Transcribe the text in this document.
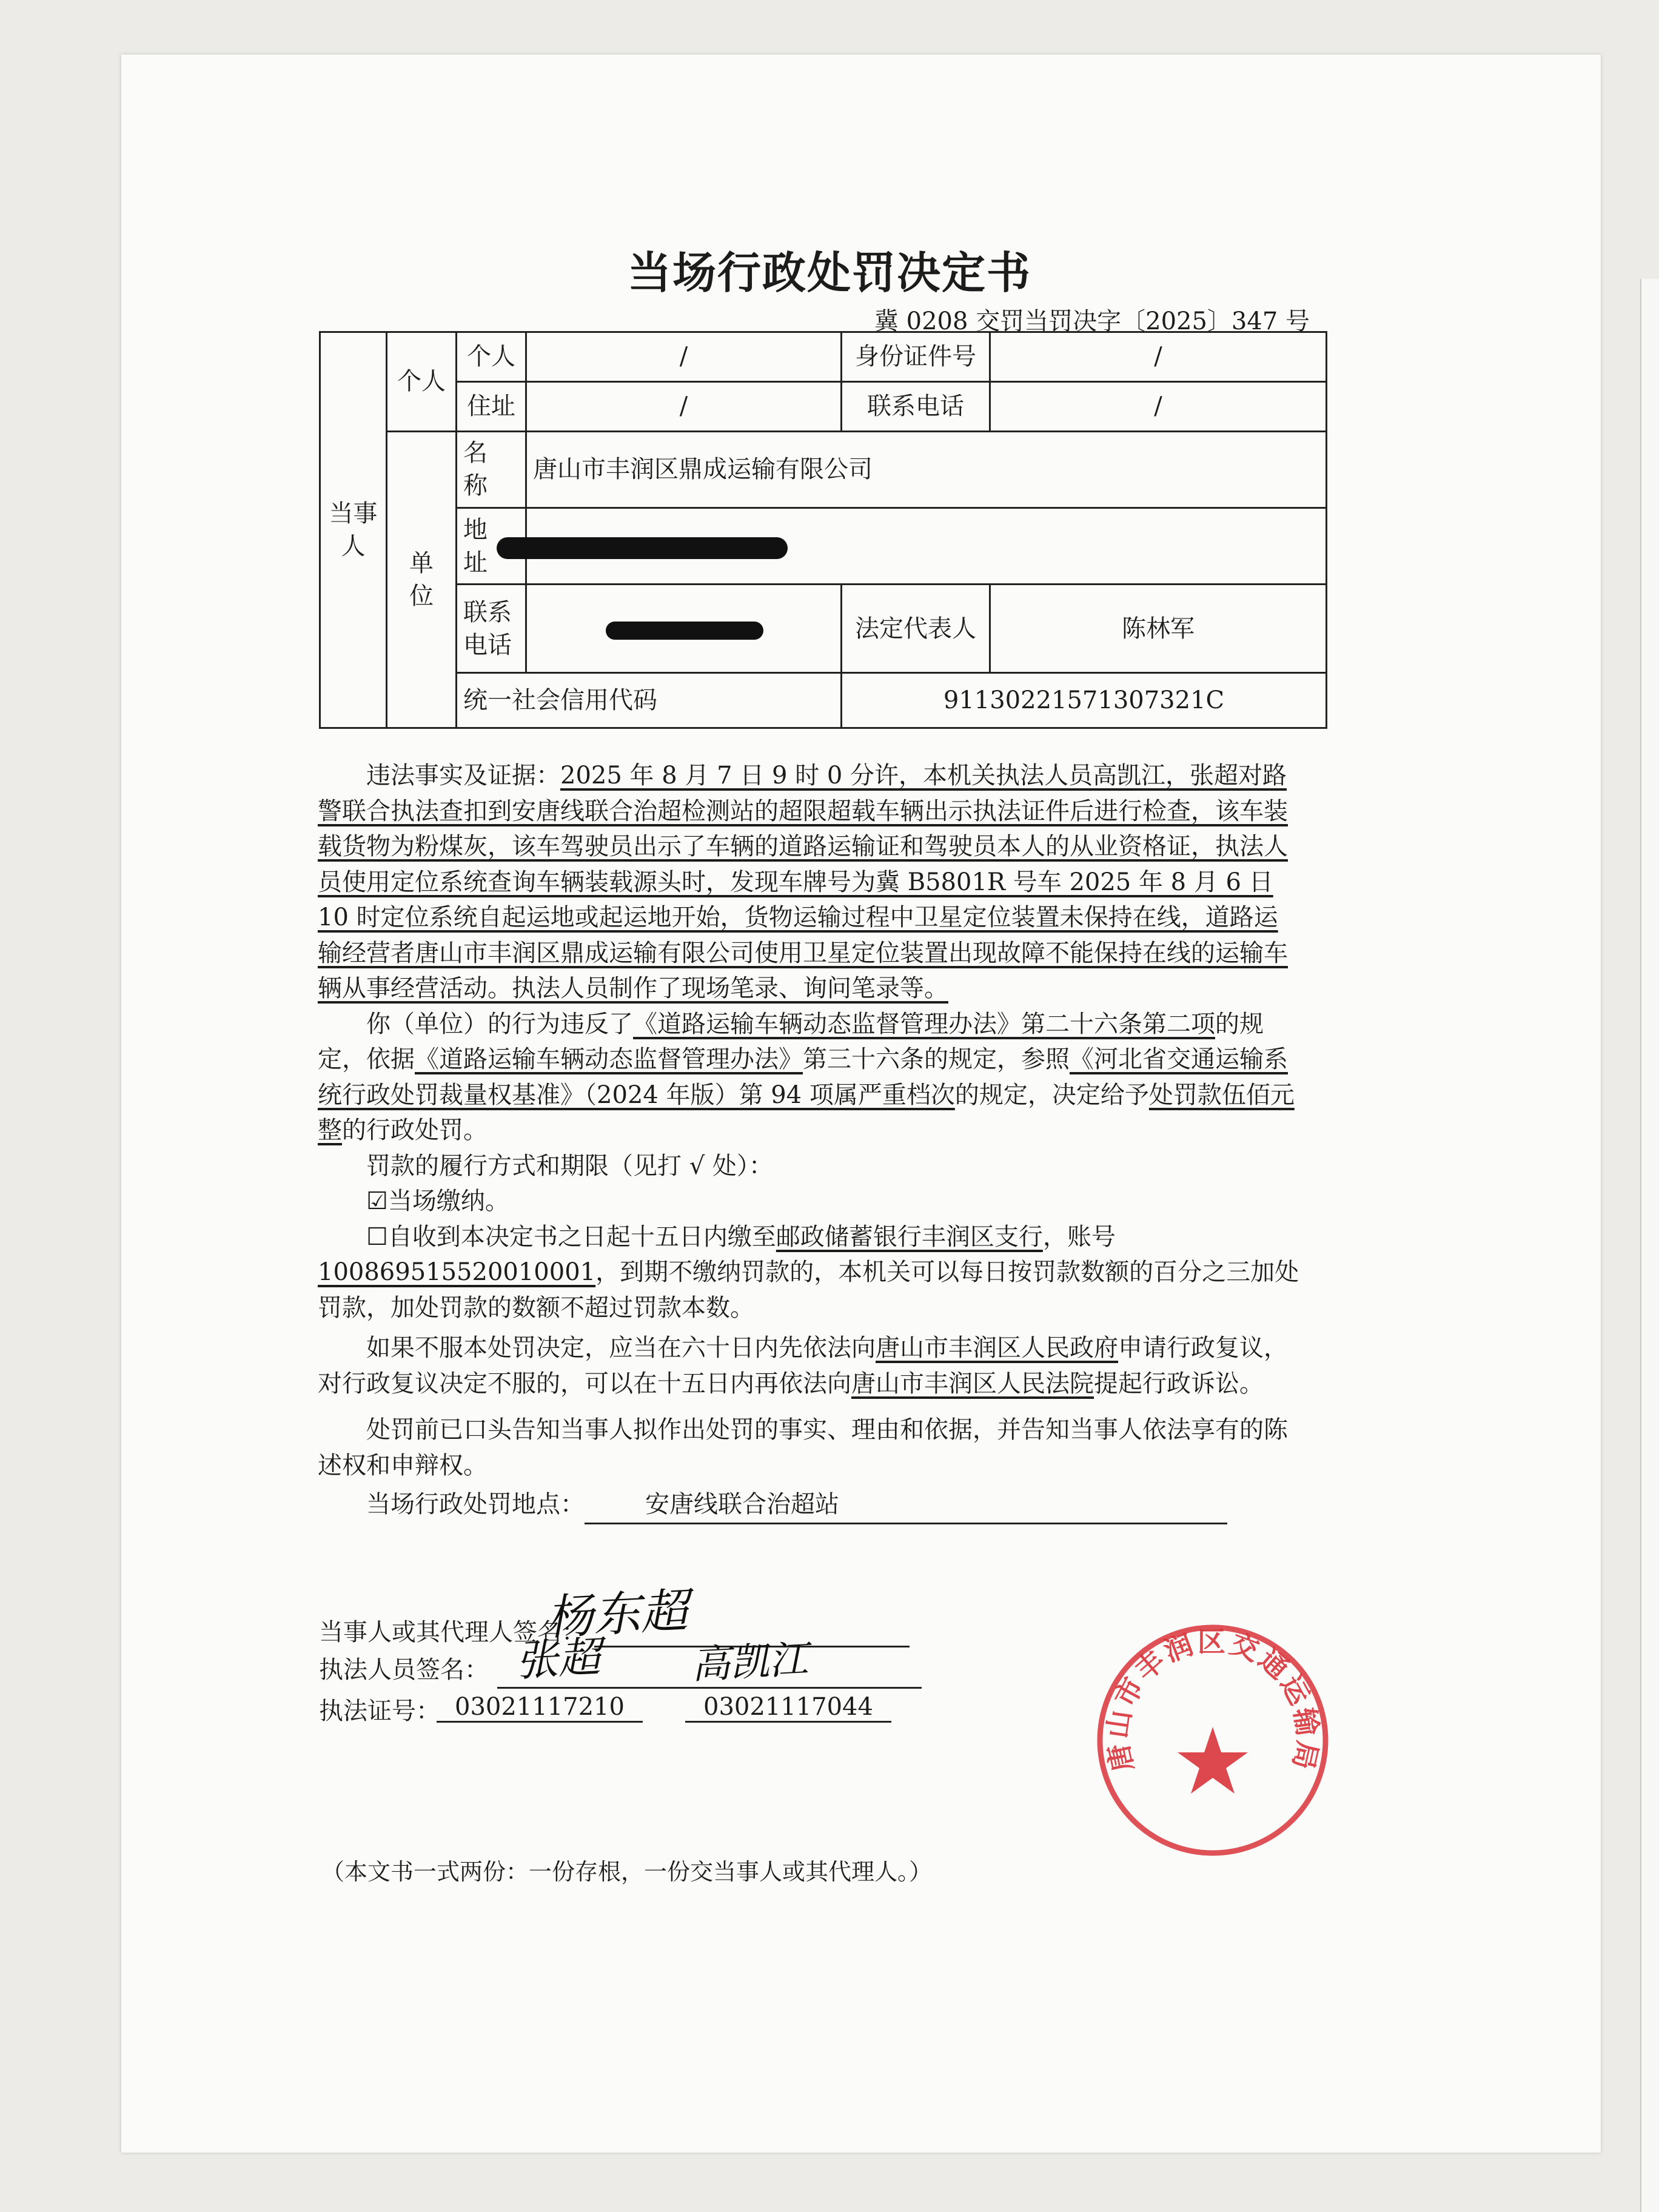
当场行政处罚决定书
冀 0208 交罚当罚决字〔2025〕347 号
当事人	个人	个人	/	身份证件号	/
		住址	/	联系电话	/
	单 位	名 称	唐山市丰润区鼎成运输有限公司		
		地 址			
		联系电话		法定代表人	陈林军
		统一社会信用代码		91130221571307321C	

违法事实及证据：2025 年 8 月 7 日 9 时 0 分许，本机关执法人员高凯江，张超对路警联合执法查扣到安唐线联合治超检测站的超限超载车辆出示执法证件后进行检查，该车装载货物为粉煤灰，该车驾驶员出示了车辆的道路运输证和驾驶员本人的从业资格证，执法人员使用定位系统查询车辆装载源头时，发现车牌号为冀 B5801R 号车 2025 年 8 月 6 日 10 时定位系统自起运地或起运地开始，货物运输过程中卫星定位装置未保持在线，道路运输经营者唐山市丰润区鼎成运输有限公司使用卫星定位装置出现故障不能保持在线的运输车辆从事经营活动。执法人员制作了现场笔录、询问笔录等。

你（单位）的行为违反了《道路运输车辆动态监督管理办法》第二十六条第二项的规定，依据《道路运输车辆动态监督管理办法》第三十六条的规定，参照《河北省交通运输系统行政处罚裁量权基准》（2024 年版）第 94 项属严重档次的规定，决定给予处罚款伍佰元整的行政处罚。

罚款的履行方式和期限（见打 √ 处）：

☑当场缴纳。

☐自收到本决定书之日起十五日内缴至邮政储蓄银行丰润区支行，账号100869515520010001，到期不缴纳罚款的，本机关可以每日按罚款数额的百分之三加处罚款，加处罚款的数额不超过罚款本数。

如果不服本处罚决定，应当在六十日内先依法向唐山市丰润区人民政府申请行政复议，对行政复议决定不服的，可以在十五日内再依法向唐山市丰润区人民法院提起行政诉讼。

处罚前已口头告知当事人拟作出处罚的事实、理由和依据，并告知当事人依法享有的陈述权和申辩权。

当场行政处罚地点：	安唐线联合治超站

当事人或其代理人签名：
杨东超
执法人员签名： 张超 高凯江
执法证号： 03021117210	03021117044
（本文书一式两份：一份存根，一份交当事人或其代理人。）
唐山市丰润区交通运输局
